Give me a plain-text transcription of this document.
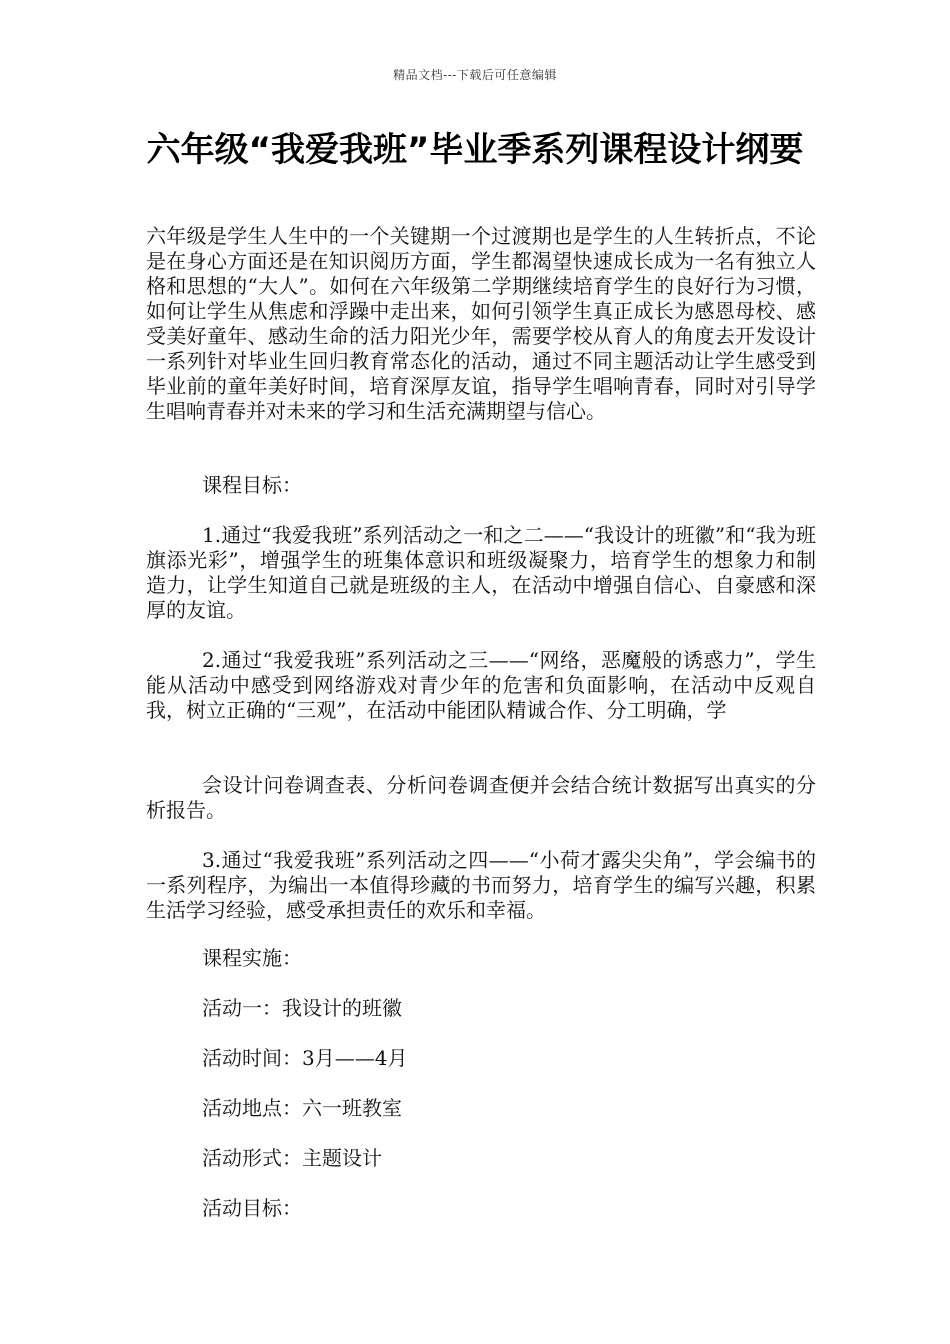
精品文档---下载后可任意编辑
六年级“我爱我班”毕业季系列课程设计纲要

六年级是学生人生中的一个关键期一个过渡期也是学生的人生转折点，不论是在身心方面还是在知识阅历方面，学生都渴望快速成长成为一名有独立人格和思想的“大人”。如何在六年级第二学期继续培育学生的良好行为习惯，如何让学生从焦虑和浮躁中走出来，如何引领学生真正成长为感恩母校、感受美好童年、感动生命的活力阳光少年，需要学校从育人的角度去开发设计一系列针对毕业生回归教育常态化的活动，通过不同主题活动让学生感受到毕业前的童年美好时间，培育深厚友谊，指导学生唱响青春，同时对引导学生唱响青春并对未来的学习和生活充满期望与信心。

课程目标：

1.通过“我爱我班”系列活动之一和之二——“我设计的班徽”和“我为班旗添光彩”，增强学生的班集体意识和班级凝聚力，培育学生的想象力和制造力，让学生知道自己就是班级的主人，在活动中增强自信心、自豪感和深厚的友谊。

2.通过“我爱我班”系列活动之三——“网络，恶魔般的诱惑力”，学生能从活动中感受到网络游戏对青少年的危害和负面影响，在活动中反观自我，树立正确的“三观”，在活动中能团队精诚合作、分工明确，学

会设计问卷调查表、分析问卷调查便并会结合统计数据写出真实的分析报告。

3.通过“我爱我班”系列活动之四——“小荷才露尖尖角”，学会编书的一系列程序，为编出一本值得珍藏的书而努力，培育学生的编写兴趣，积累生活学习经验，感受承担责任的欢乐和幸福。

课程实施：

活动一：我设计的班徽

活动时间：3月——4月

活动地点：六一班教室

活动形式：主题设计

活动目标：
